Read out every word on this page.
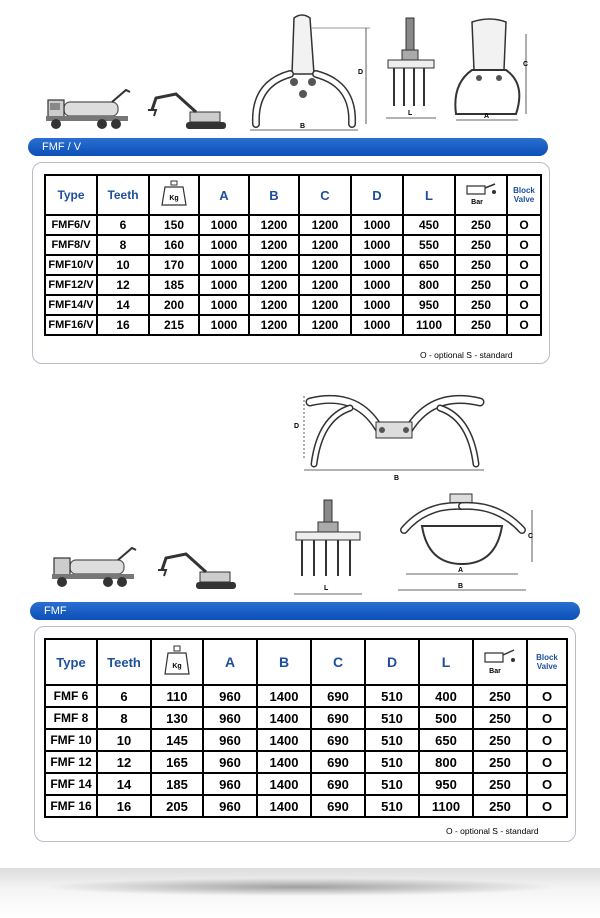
B
D
L	A
C
FMF / V
Type	Teeth	Kg	A	B	C	D	L	Bar	Block Valve
FMF6/V	6	150	1000	1200	1200	1000	450	250	O
FMF8/V	8	160	1000	1200	1200	1000	550	250	O
FMF10/V	10	170	1000	1200	1200	1000	650	250	O
FMF12/V	12	185	1000	1200	1200	1000	800	250	O
FMF14/V	14	200	1000	1200	1200	1000	950	250	O
FMF16/V	16	215	1000	1200	1200	1000	1100	250	O
O - optional S - standard
D
B
L
A
B
C
FMF
Type	Teeth	Kg	A	B	C	D	L	Bar	Block Valve
FMF 6	6	110	960	1400	690	510	400	250	O
FMF 8	8	130	960	1400	690	510	500	250	O
FMF 10	10	145	960	1400	690	510	650	250	O
FMF 12	12	165	960	1400	690	510	800	250	O
FMF 14	14	185	960	1400	690	510	950	250	O
FMF 16	16	205	960	1400	690	510	1100	250	O
O - optional S - standard
